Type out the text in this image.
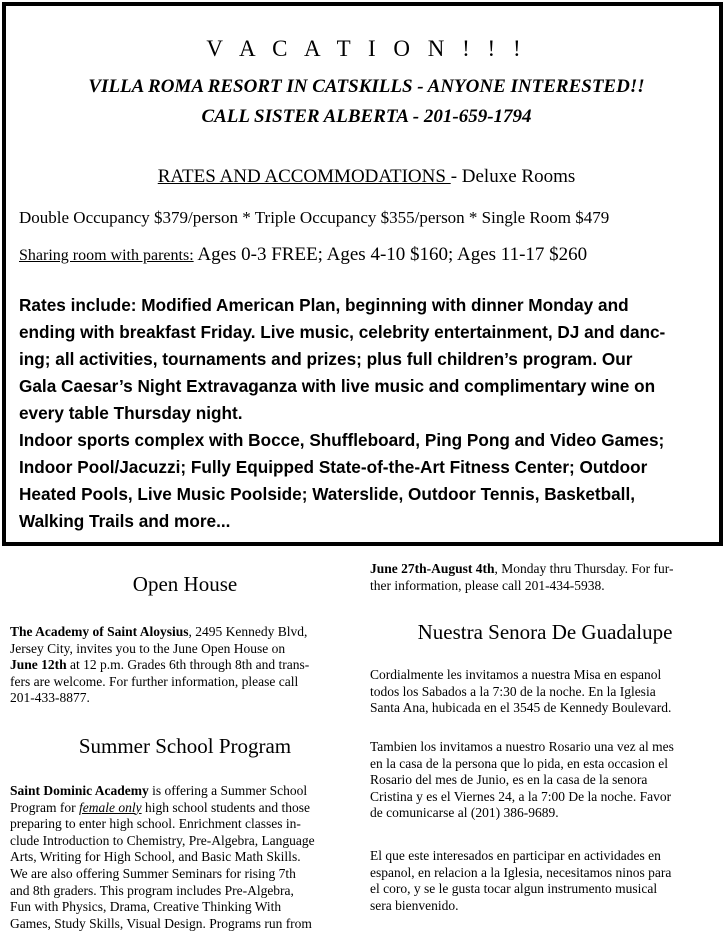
V A C A T I O N ! ! !
VILLA ROMA RESORT IN CATSKILLS - ANYONE INTERESTED!!
CALL SISTER ALBERTA - 201-659-1794
RATES AND ACCOMMODATIONS - Deluxe Rooms
Double Occupancy $379/person * Triple Occupancy $355/person * Single Room $479
Sharing room with parents: Ages 0-3 FREE; Ages 4-10 $160; Ages 11-17 $260
Rates include: Modified American Plan, beginning with dinner Monday and
ending with breakfast Friday. Live music, celebrity entertainment, DJ and danc-
ing; all activities, tournaments and prizes; plus full children’s program. Our
Gala Caesar’s Night Extravaganza with live music and complimentary wine on
every table Thursday night.
Indoor sports complex with Bocce, Shuffleboard, Ping Pong and Video Games;
Indoor Pool/Jacuzzi; Fully Equipped State-of-the-Art Fitness Center; Outdoor
Heated Pools, Live Music Poolside; Waterslide, Outdoor Tennis, Basketball,
Walking Trails and more...
Open House
The Academy of Saint Aloysius, 2495 Kennedy Blvd,
Jersey City, invites you to the June Open House on
June 12th at 12 p.m. Grades 6th through 8th and trans-
fers are welcome. For further information, please call
201-433-8877.
Summer School Program
Saint Dominic Academy is offering a Summer School
Program for female only high school students and those
preparing to enter high school. Enrichment classes in-
clude Introduction to Chemistry, Pre-Algebra, Language
Arts, Writing for High School, and Basic Math Skills.
We are also offering Summer Seminars for rising 7th
and 8th graders. This program includes Pre-Algebra,
Fun with Physics, Drama, Creative Thinking With
Games, Study Skills, Visual Design. Programs run from
June 27th-August 4th, Monday thru Thursday. For fur-
ther information, please call 201-434-5938.
Nuestra Senora De Guadalupe
Cordialmente les invitamos a nuestra Misa en espanol
todos los Sabados a la 7:30 de la noche. En la Iglesia
Santa Ana, hubicada en el 3545 de Kennedy Boulevard.
Tambien los invitamos a nuestro Rosario una vez al mes
en la casa de la persona que lo pida, en esta occasion el
Rosario del mes de Junio, es en la casa de la senora
Cristina y es el Viernes 24, a la 7:00 De la noche. Favor
de comunicarse al (201) 386-9689.
El que este interesados en participar en actividades en
espanol, en relacion a la Iglesia, necesitamos ninos para
el coro, y se le gusta tocar algun instrumento musical
sera bienvenido.
